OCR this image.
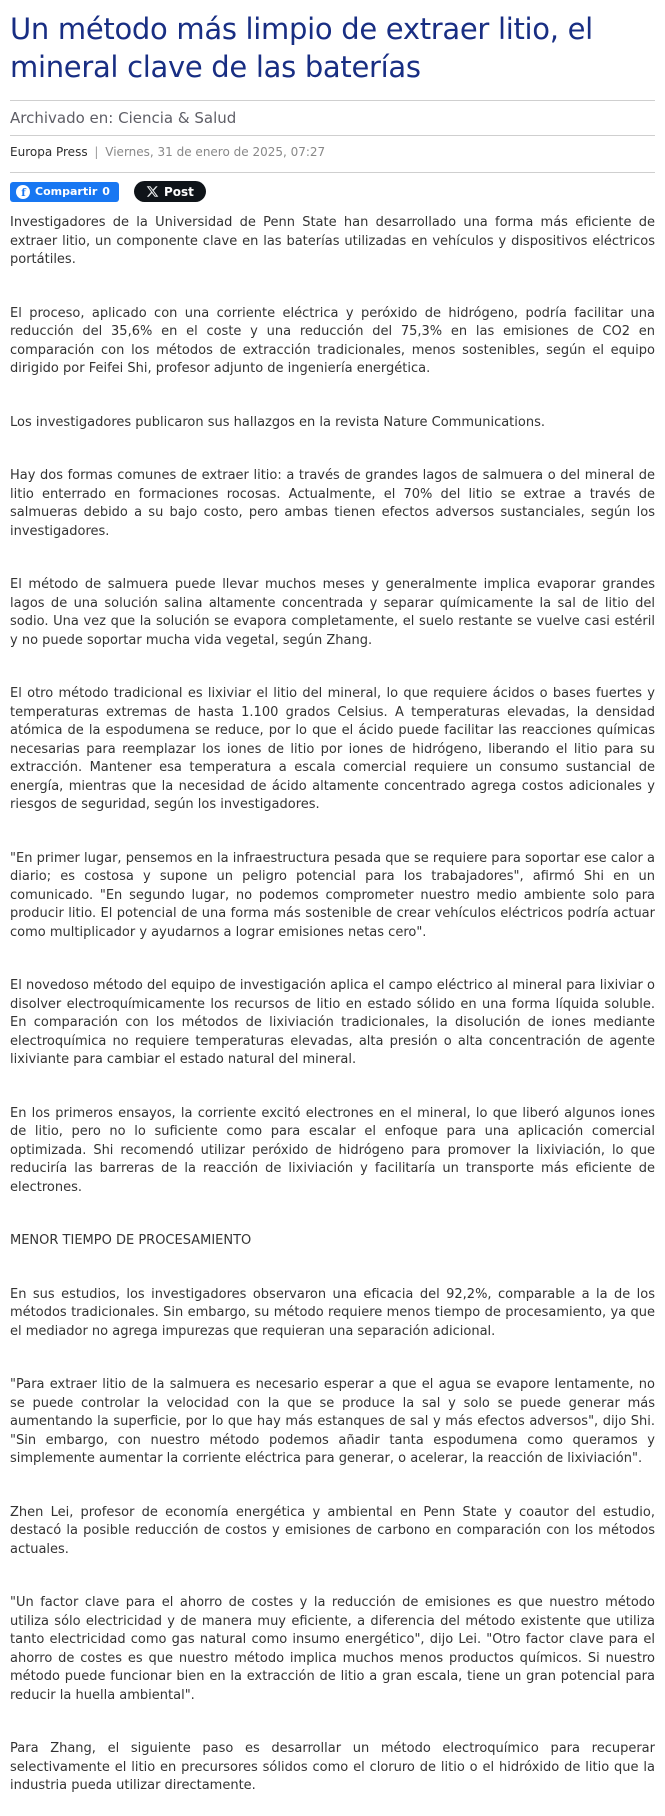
Un método más limpio de extraer litio, el mineral clave de las baterías
Archivado en: Ciencia & Salud
Europa Press | Viernes, 31 de enero de 2025, 07:27
f Compartir 0	Post

Investigadores de la Universidad de Penn State han desarrollado una forma más eficiente de extraer litio, un componente clave en las baterías utilizadas en vehículos y dispositivos eléctricos portátiles.

El proceso, aplicado con una corriente eléctrica y peróxido de hidrógeno, podría facilitar una reducción del 35,6% en el coste y una reducción del 75,3% en las emisiones de CO2 en comparación con los métodos de extracción tradicionales, menos sostenibles, según el equipo dirigido por Feifei Shi, profesor adjunto de ingeniería energética.

Los investigadores publicaron sus hallazgos en la revista Nature Communications.

Hay dos formas comunes de extraer litio: a través de grandes lagos de salmuera o del mineral de litio enterrado en formaciones rocosas. Actualmente, el 70% del litio se extrae a través de salmueras debido a su bajo costo, pero ambas tienen efectos adversos sustanciales, según los investigadores.

El método de salmuera puede llevar muchos meses y generalmente implica evaporar grandes lagos de una solución salina altamente concentrada y separar químicamente la sal de litio del sodio. Una vez que la solución se evapora completamente, el suelo restante se vuelve casi estéril y no puede soportar mucha vida vegetal, según Zhang.

El otro método tradicional es lixiviar el litio del mineral, lo que requiere ácidos o bases fuertes y temperaturas extremas de hasta 1.100 grados Celsius. A temperaturas elevadas, la densidad atómica de la espodumena se reduce, por lo que el ácido puede facilitar las reacciones químicas necesarias para reemplazar los iones de litio por iones de hidrógeno, liberando el litio para su extracción. Mantener esa temperatura a escala comercial requiere un consumo sustancial de energía, mientras que la necesidad de ácido altamente concentrado agrega costos adicionales y riesgos de seguridad, según los investigadores.

"En primer lugar, pensemos en la infraestructura pesada que se requiere para soportar ese calor a diario; es costosa y supone un peligro potencial para los trabajadores", afirmó Shi en un comunicado. "En segundo lugar, no podemos comprometer nuestro medio ambiente solo para producir litio. El potencial de una forma más sostenible de crear vehículos eléctricos podría actuar como multiplicador y ayudarnos a lograr emisiones netas cero".

El novedoso método del equipo de investigación aplica el campo eléctrico al mineral para lixiviar o disolver electroquímicamente los recursos de litio en estado sólido en una forma líquida soluble. En comparación con los métodos de lixiviación tradicionales, la disolución de iones mediante electroquímica no requiere temperaturas elevadas, alta presión o alta concentración de agente lixiviante para cambiar el estado natural del mineral.

En los primeros ensayos, la corriente excitó electrones en el mineral, lo que liberó algunos iones de litio, pero no lo suficiente como para escalar el enfoque para una aplicación comercial optimizada. Shi recomendó utilizar peróxido de hidrógeno para promover la lixiviación, lo que reduciría las barreras de la reacción de lixiviación y facilitaría un transporte más eficiente de electrones.

MENOR TIEMPO DE PROCESAMIENTO

En sus estudios, los investigadores observaron una eficacia del 92,2%, comparable a la de los métodos tradicionales. Sin embargo, su método requiere menos tiempo de procesamiento, ya que el mediador no agrega impurezas que requieran una separación adicional.

"Para extraer litio de la salmuera es necesario esperar a que el agua se evapore lentamente, no se puede controlar la velocidad con la que se produce la sal y solo se puede generar más aumentando la superficie, por lo que hay más estanques de sal y más efectos adversos", dijo Shi. "Sin embargo, con nuestro método podemos añadir tanta espodumena como queramos y simplemente aumentar la corriente eléctrica para generar, o acelerar, la reacción de lixiviación".

Zhen Lei, profesor de economía energética y ambiental en Penn State y coautor del estudio, destacó la posible reducción de costos y emisiones de carbono en comparación con los métodos actuales.

"Un factor clave para el ahorro de costes y la reducción de emisiones es que nuestro método utiliza sólo electricidad y de manera muy eficiente, a diferencia del método existente que utiliza tanto electricidad como gas natural como insumo energético", dijo Lei. "Otro factor clave para el ahorro de costes es que nuestro método implica muchos menos productos químicos. Si nuestro método puede funcionar bien en la extracción de litio a gran escala, tiene un gran potencial para reducir la huella ambiental".

Para Zhang, el siguiente paso es desarrollar un método electroquímico para recuperar selectivamente el litio en precursores sólidos como el cloruro de litio o el hidróxido de litio que la industria pueda utilizar directamente.
